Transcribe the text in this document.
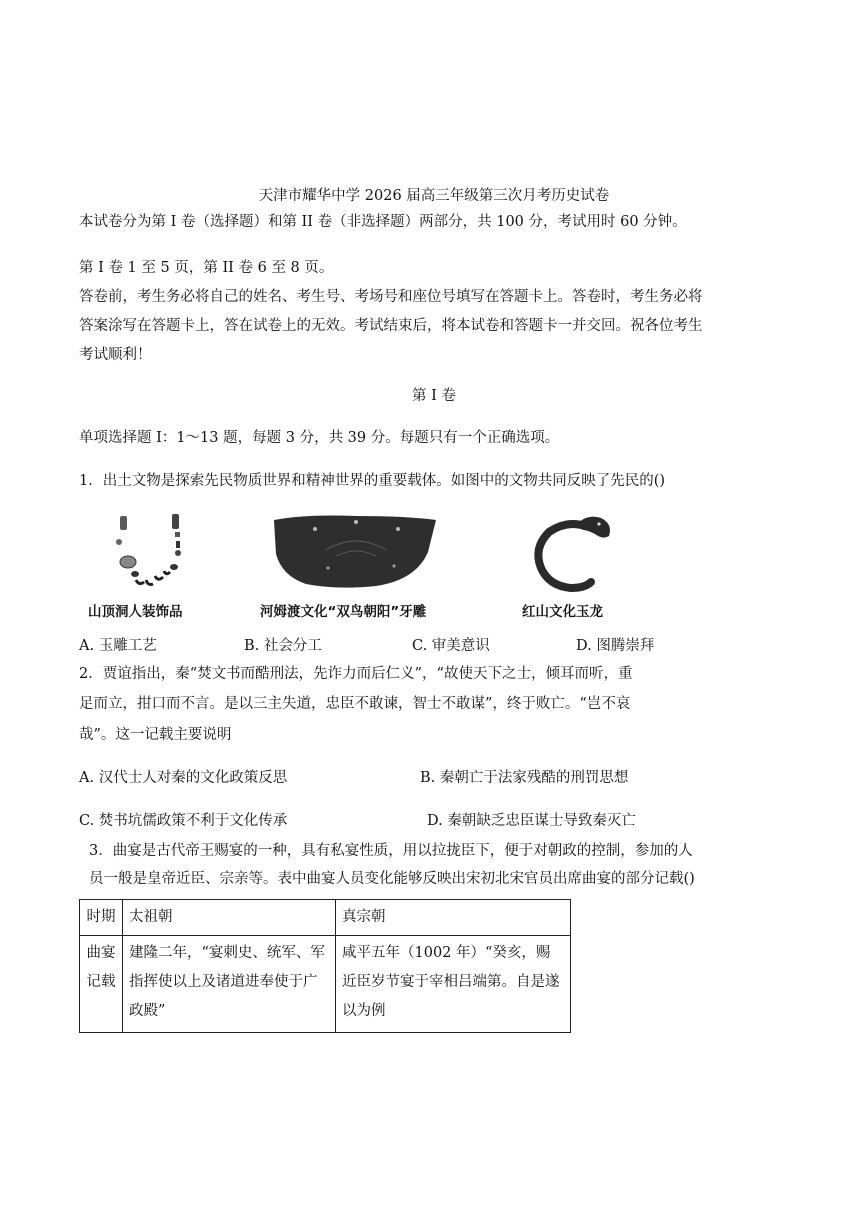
天津市耀华中学 2026 届高三年级第三次月考历史试卷
本试卷分为第 I 卷（选择题）和第 II 卷（非选择题）两部分，共 100 分，考试用时 60 分钟。
第 I 卷 1 至 5 页，第 II 卷 6 至 8 页。
答卷前，考生务必将自己的姓名、考生号、考场号和座位号填写在答题卡上。答卷时，考生务必将
答案涂写在答题卡上，答在试卷上的无效。考试结束后，将本试卷和答题卡一并交回。祝各位考生
考试顺利！
第 I 卷
单项选择题 I：1～13 题，每题 3 分，共 39 分。每题只有一个正确选项。
1．出土文物是探索先民物质世界和精神世界的重要载体。如图中的文物共同反映了先民的()
山顶洞人装饰品	河姆渡文化“双鸟朝阳”牙雕	红山文化玉龙
A. 玉雕工艺	B. 社会分工	C. 审美意识	D. 图腾崇拜
2．贾谊指出，秦“焚文书而酷刑法，先诈力而后仁义”，“故使天下之士，倾耳而听，重
足而立，拑口而不言。是以三主失道，忠臣不敢谏，智士不敢谋”，终于败亡。“岂不哀
哉”。这一记载主要说明
A. 汉代士人对秦的文化政策反思	B. 秦朝亡于法家残酷的刑罚思想
C. 焚书坑儒政策不利于文化传承	D. 秦朝缺乏忠臣谋士导致秦灭亡
3．曲宴是古代帝王赐宴的一种，具有私宴性质，用以拉拢臣下，便于对朝政的控制，参加的人
员一般是皇帝近臣、宗亲等。表中曲宴人员变化能够反映出宋初北宋官员出席曲宴的部分记载()
时期	太祖朝	真宗朝
曲宴记载	建隆二年，“宴刺史、统军、军指挥使以上及诸道进奉使于广政殿”	咸平五年（1002 年）“癸亥，赐近臣岁节宴于宰相吕端第。自是遂以为例
